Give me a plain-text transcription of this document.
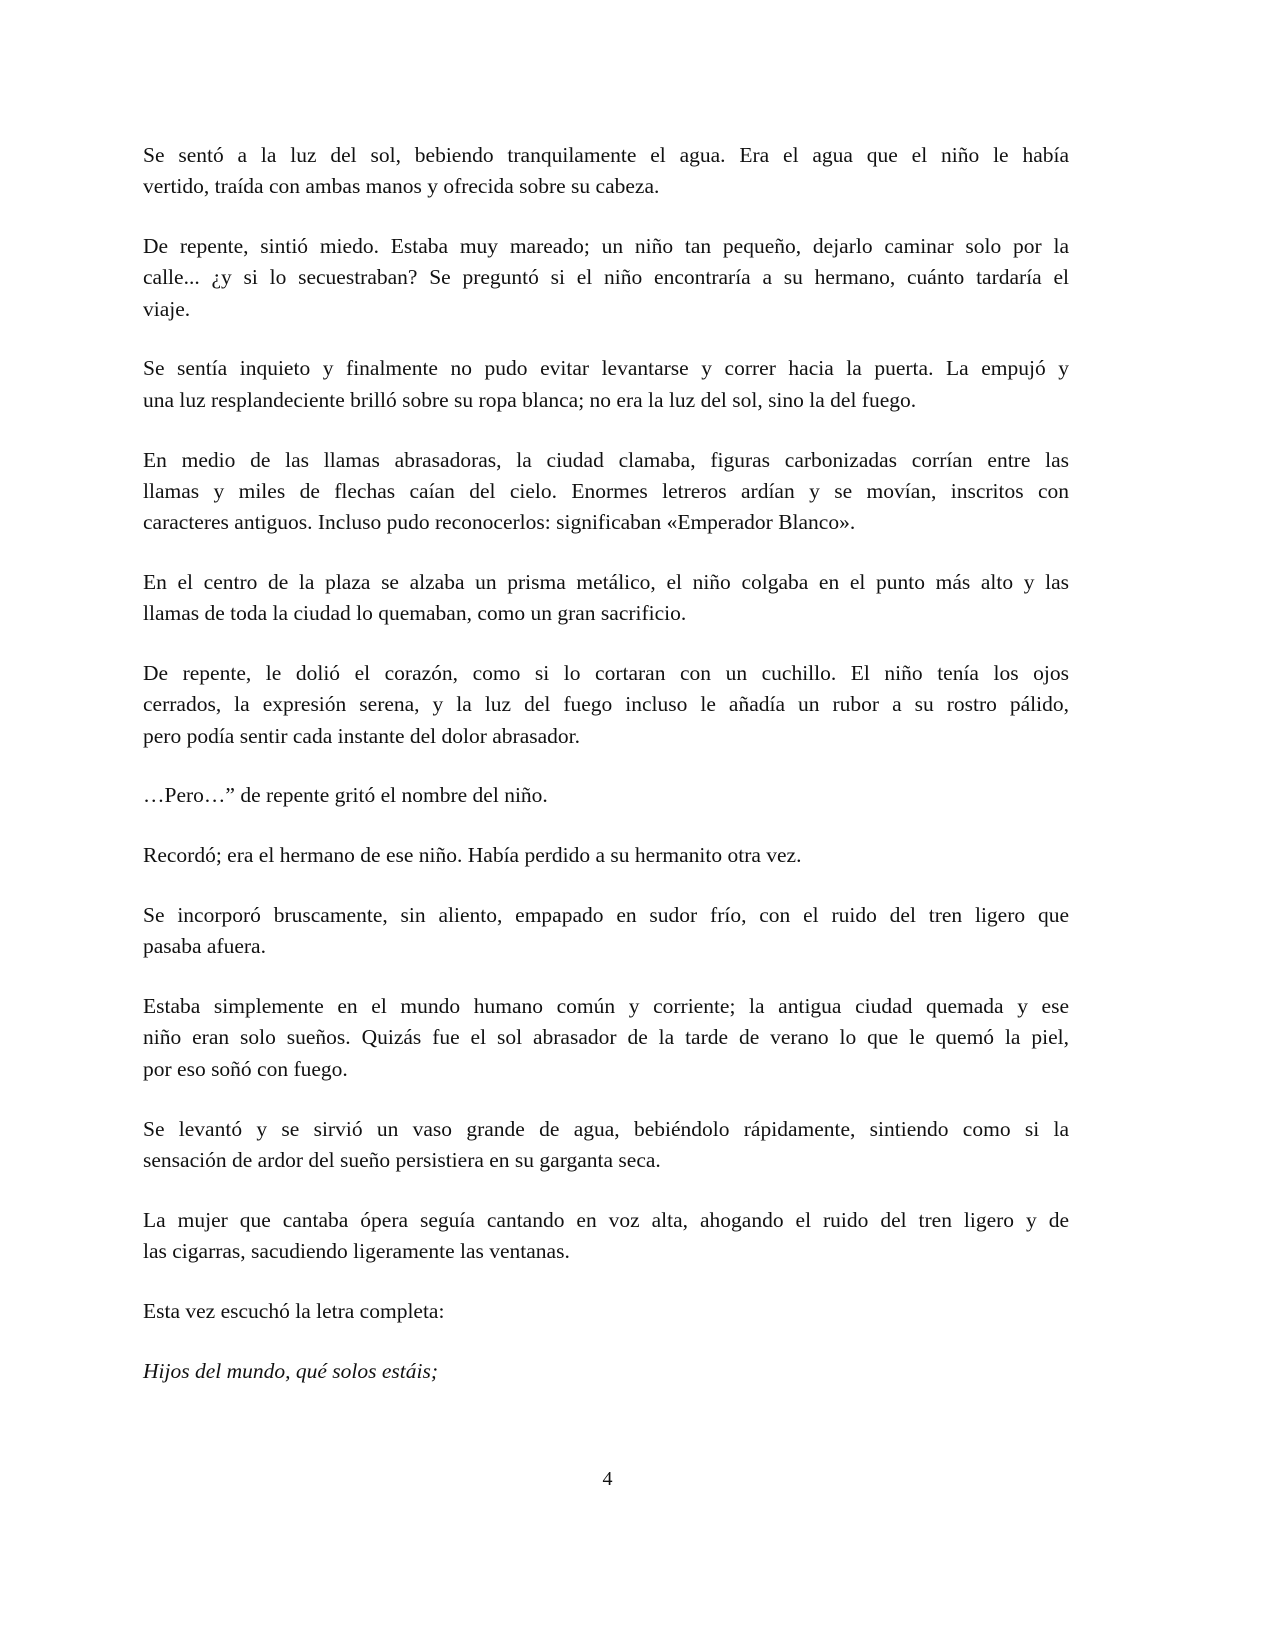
Se sentó a la luz del sol, bebiendo tranquilamente el agua. Era el agua que el niño le había
vertido, traída con ambas manos y ofrecida sobre su cabeza.
De repente, sintió miedo. Estaba muy mareado; un niño tan pequeño, dejarlo caminar solo por la
calle... ¿y si lo secuestraban? Se preguntó si el niño encontraría a su hermano, cuánto tardaría el
viaje.
Se sentía inquieto y finalmente no pudo evitar levantarse y correr hacia la puerta. La empujó y
una luz resplandeciente brilló sobre su ropa blanca; no era la luz del sol, sino la del fuego.
En medio de las llamas abrasadoras, la ciudad clamaba, figuras carbonizadas corrían entre las
llamas y miles de flechas caían del cielo. Enormes letreros ardían y se movían, inscritos con
caracteres antiguos. Incluso pudo reconocerlos: significaban «Emperador Blanco».
En el centro de la plaza se alzaba un prisma metálico, el niño colgaba en el punto más alto y las
llamas de toda la ciudad lo quemaban, como un gran sacrificio.
De repente, le dolió el corazón, como si lo cortaran con un cuchillo. El niño tenía los ojos
cerrados, la expresión serena, y la luz del fuego incluso le añadía un rubor a su rostro pálido,
pero podía sentir cada instante del dolor abrasador.
…Pero…” de repente gritó el nombre del niño.
Recordó; era el hermano de ese niño. Había perdido a su hermanito otra vez.
Se incorporó bruscamente, sin aliento, empapado en sudor frío, con el ruido del tren ligero que
pasaba afuera.
Estaba simplemente en el mundo humano común y corriente; la antigua ciudad quemada y ese
niño eran solo sueños. Quizás fue el sol abrasador de la tarde de verano lo que le quemó la piel,
por eso soñó con fuego.
Se levantó y se sirvió un vaso grande de agua, bebiéndolo rápidamente, sintiendo como si la
sensación de ardor del sueño persistiera en su garganta seca.
La mujer que cantaba ópera seguía cantando en voz alta, ahogando el ruido del tren ligero y de
las cigarras, sacudiendo ligeramente las ventanas.
Esta vez escuchó la letra completa:
Hijos del mundo, qué solos estáis;
4
